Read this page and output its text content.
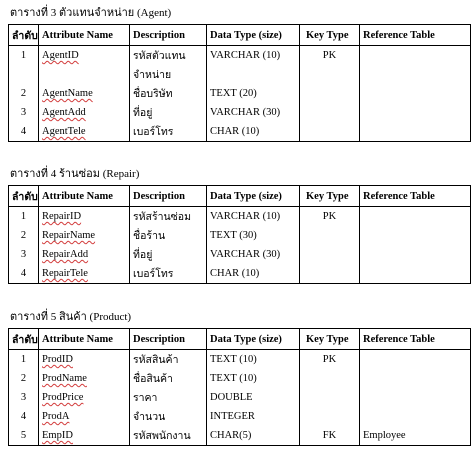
ตารางที่ 3 ตัวแทนจำหน่าย (Agent)
ลำดับ	Attribute Name	Description	Data Type (size)	Key Type	Reference Table
1	AgentID	รหัสตัวแทน	VARCHAR (10)	PK	
		จำหน่าย			
2	AgentName	ชื่อบริษัท	TEXT (20)		
3	AgentAdd	ที่อยู่	VARCHAR (30)		
4	AgentTele	เบอร์โทร	CHAR (10)		
ตารางที่ 4 ร้านซ่อม (Repair)
ลำดับ	Attribute Name	Description	Data Type (size)	Key Type	Reference Table
1	RepairID	รหัสร้านซ่อม	VARCHAR (10)	PK	
2	RepairName	ชื่อร้าน	TEXT (30)		
3	RepairAdd	ที่อยู่	VARCHAR (30)		
4	RepairTele	เบอร์โทร	CHAR (10)		
ตารางที่ 5 สินค้า (Product)
ลำดับ	Attribute Name	Description	Data Type (size)	Key Type	Reference Table
1	ProdID	รหัสสินค้า	TEXT (10)	PK	
2	ProdName	ชื่อสินค้า	TEXT (10)		
3	ProdPrice	ราคา	DOUBLE		
4	ProdA	จำนวน	INTEGER		
5	EmpID	รหัสพนักงาน	CHAR(5)	FK	Employee
